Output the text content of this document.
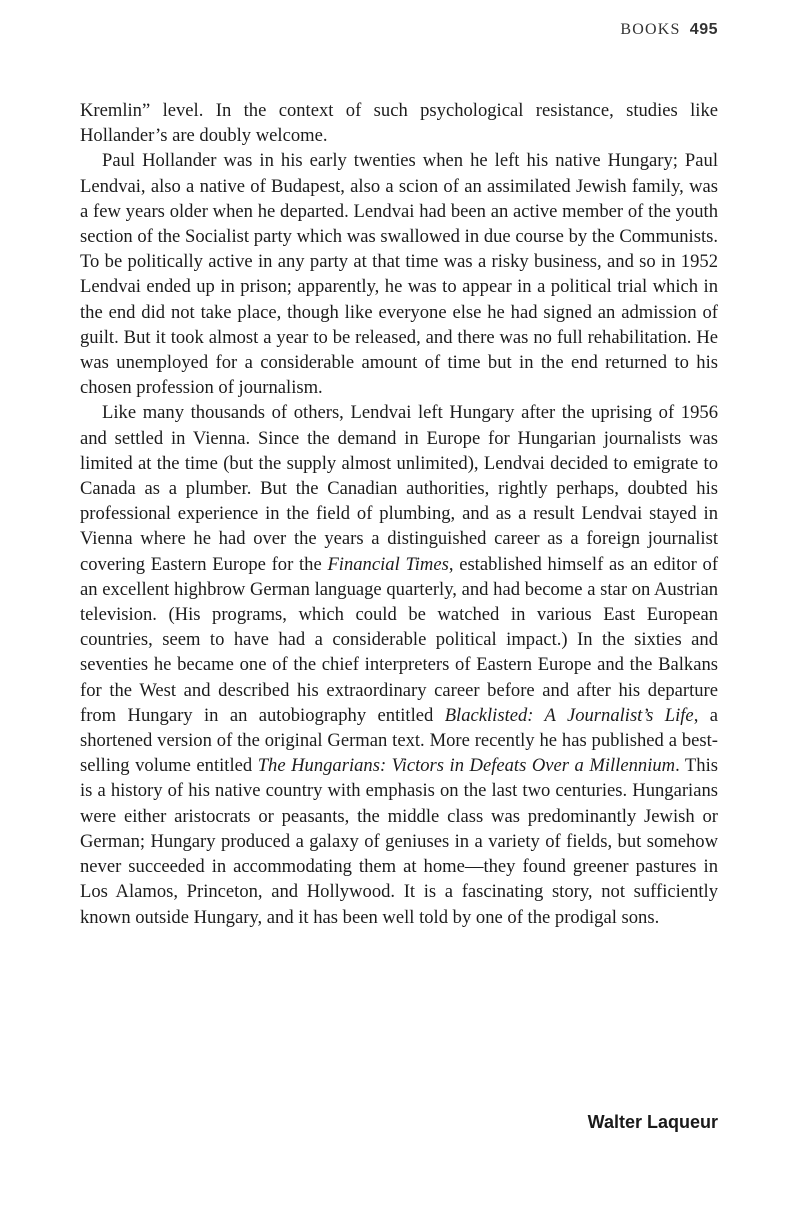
BOOKS 495

Kremlin” level. In the context of such psychological resistance, studies like Hollander’s are doubly welcome.

Paul Hollander was in his early twenties when he left his native Hungary; Paul Lendvai, also a native of Budapest, also a scion of an assimilated Jewish family, was a few years older when he departed. Lendvai had been an active member of the youth section of the Socialist party which was swallowed in due course by the Communists. To be politically active in any party at that time was a risky business, and so in 1952 Lendvai ended up in prison; apparently, he was to appear in a political trial which in the end did not take place, though like everyone else he had signed an admission of guilt. But it took almost a year to be released, and there was no full rehabilitation. He was unemployed for a considerable amount of time but in the end returned to his chosen profession of journalism.

Like many thousands of others, Lendvai left Hungary after the uprising of 1956 and settled in Vienna. Since the demand in Europe for Hungarian journalists was limited at the time (but the supply almost unlimited), Lendvai decided to emigrate to Canada as a plumber. But the Canadian authorities, rightly perhaps, doubted his professional experience in the field of plumbing, and as a result Lendvai stayed in Vienna where he had over the years a distinguished career as a foreign journalist covering Eastern Europe for the Financial Times, established himself as an editor of an excellent highbrow German language quarterly, and had become a star on Austrian television. (His programs, which could be watched in various East European countries, seem to have had a considerable political impact.) In the sixties and seventies he became one of the chief interpreters of Eastern Europe and the Balkans for the West and described his extraordinary career before and after his departure from Hungary in an autobiography entitled Blacklisted: A Journalist’s Life, a shortened version of the original German text. More recently he has published a best-selling volume entitled The Hungarians: Victors in Defeats Over a Millennium. This is a history of his native country with emphasis on the last two centuries. Hungarians were either aristocrats or peasants, the middle class was predominantly Jewish or German; Hungary produced a galaxy of geniuses in a variety of fields, but somehow never succeeded in accommodating them at home—they found greener pastures in Los Alamos, Princeton, and Hollywood. It is a fascinating story, not sufficiently known outside Hungary, and it has been well told by one of the prodigal sons.

Walter Laqueur
